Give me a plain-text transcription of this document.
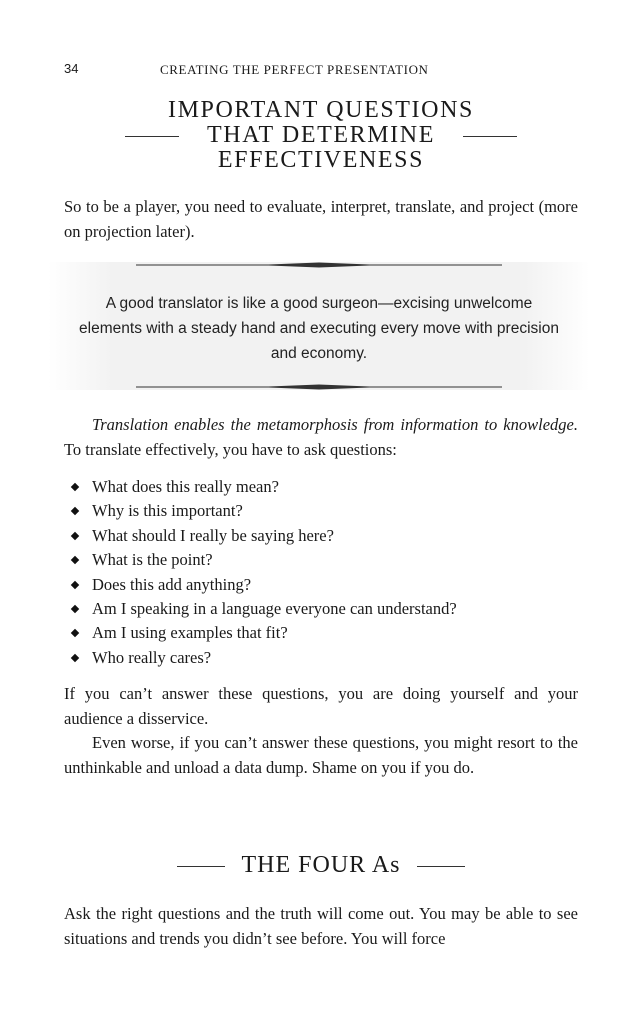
34	CREATING THE PERFECT PRESENTATION
IMPORTANT QUESTIONS
THAT DETERMINE
EFFECTIVENESS

So to be a player, you need to evaluate, interpret, translate, and project (more on projection later).

A good translator is like a good surgeon—excising unwelcome elements with a steady hand and executing every move with precision and economy.

Translation enables the metamorphosis from information to knowledge. To translate effectively, you have to ask questions:

What does this really mean?
Why is this important?
What should I really be saying here?
What is the point?
Does this add anything?
Am I speaking in a language everyone can understand?
Am I using examples that fit?
Who really cares?

If you can’t answer these questions, you are doing yourself and your audience a disservice.

Even worse, if you can’t answer these questions, you might resort to the unthinkable and unload a data dump. Shame on you if you do.

THE FOUR As

Ask the right questions and the truth will come out. You may be able to see situations and trends you didn’t see before. You will force
